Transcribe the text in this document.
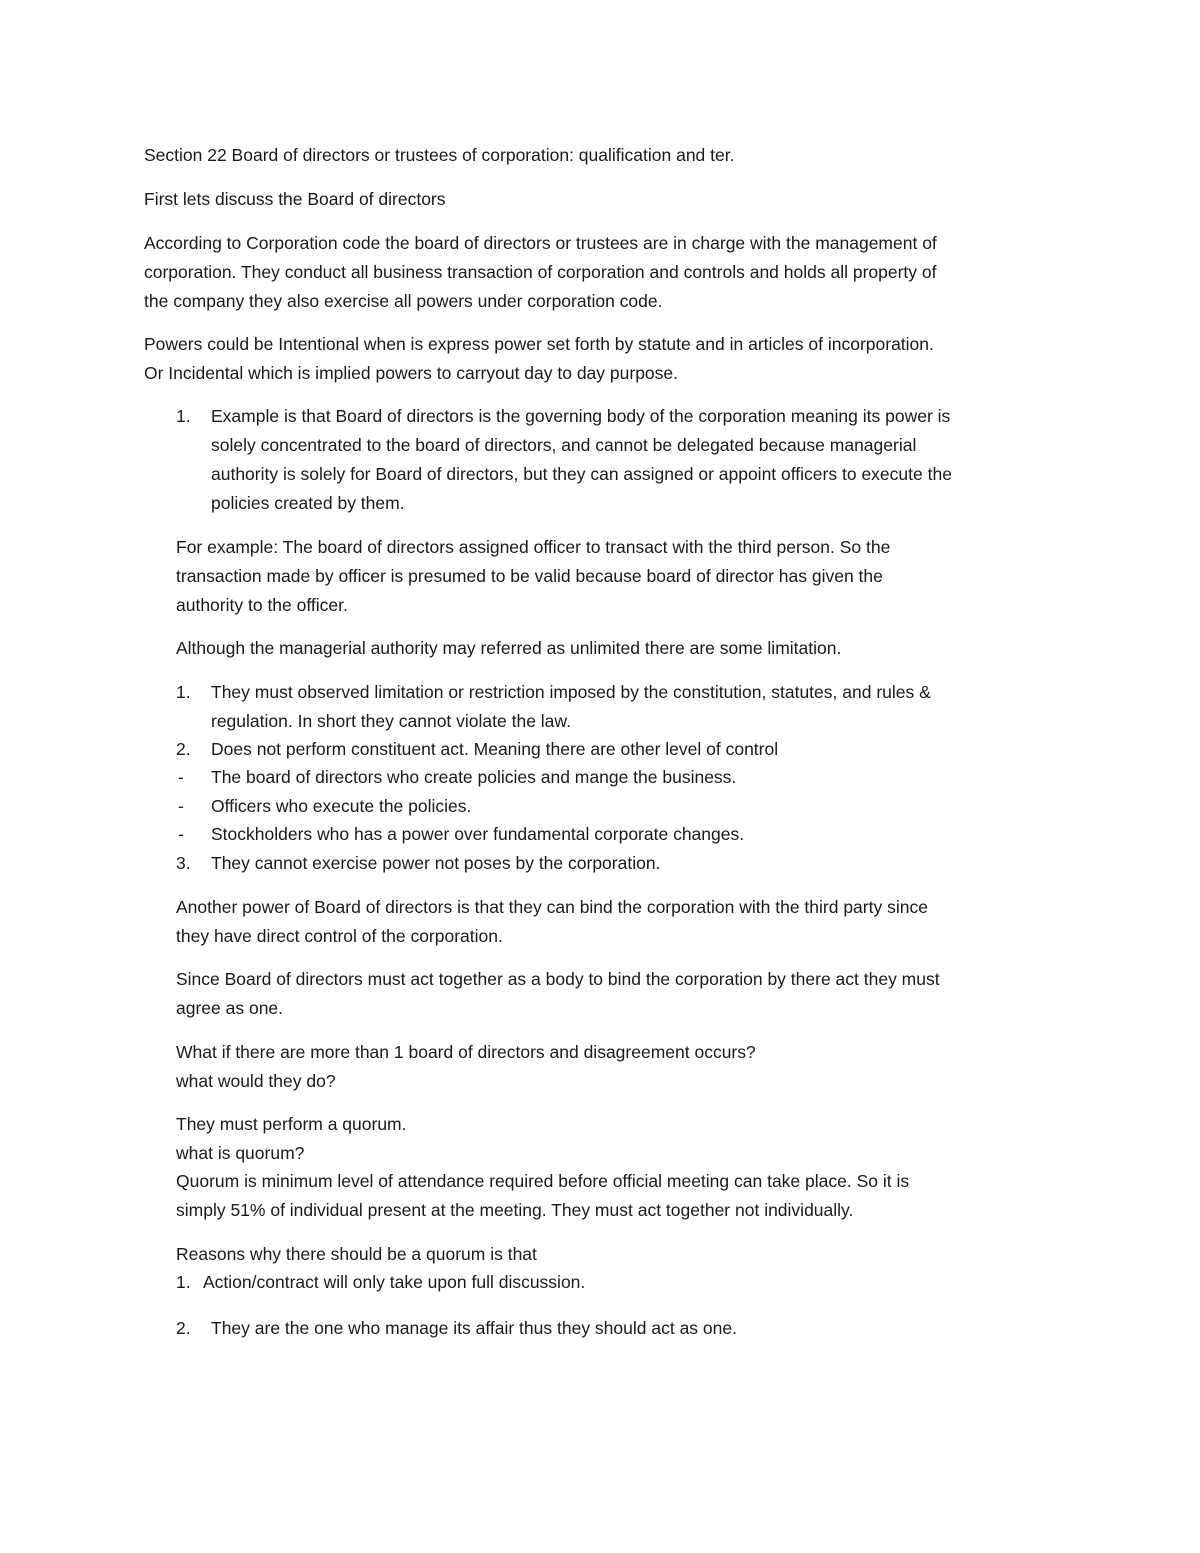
Section 22 Board of directors or trustees of corporation: qualification and ter.

First lets discuss the Board of directors

According to Corporation code the board of directors or trustees are in charge with the management of

corporation. They conduct all business transaction of corporation and controls and holds all property of

the company they also exercise all powers under corporation code.

Powers could be Intentional when is express power set forth by statute and in articles of incorporation.

Or Incidental which is implied powers to carryout day to day purpose.

1. Example is that Board of directors is the governing body of the corporation meaning its power is

solely concentrated to the board of directors, and cannot be delegated because managerial

authority is solely for Board of directors, but they can assigned or appoint officers to execute the

policies created by them.

For example: The board of directors assigned officer to transact with the third person. So the

transaction made by officer is presumed to be valid because board of director has given the

authority to the officer.

Although the managerial authority may referred as unlimited there are some limitation.

1. They must observed limitation or restriction imposed by the constitution, statutes, and rules &

regulation. In short they cannot violate the law.

2. Does not perform constituent act. Meaning there are other level of control

- The board of directors who create policies and mange the business.

- Officers who execute the policies.

- Stockholders who has a power over fundamental corporate changes.

3. They cannot exercise power not poses by the corporation.

Another power of Board of directors is that they can bind the corporation with the third party since

they have direct control of the corporation.

Since Board of directors must act together as a body to bind the corporation by there act they must

agree as one.

What if there are more than 1 board of directors and disagreement occurs?

what would they do?

They must perform a quorum.

what is quorum?

Quorum is minimum level of attendance required before official meeting can take place. So it is

simply 51% of individual present at the meeting. They must act together not individually.

Reasons why there should be a quorum is that

1. Action/contract will only take upon full discussion.

2. They are the one who manage its affair thus they should act as one.
